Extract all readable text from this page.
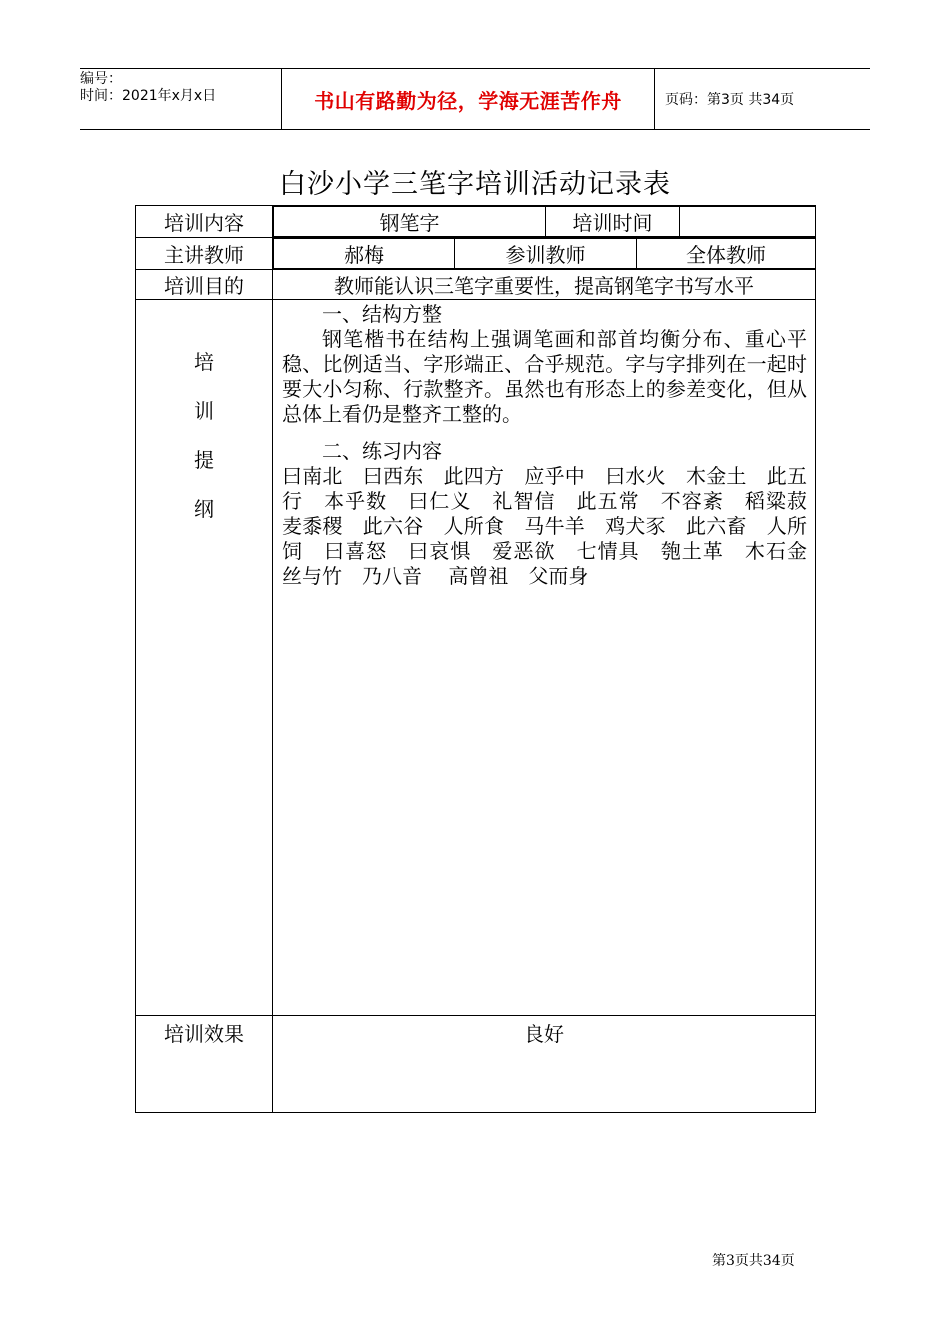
编号：
时间：2021年x月x日	书山有路勤为径，学海无涯苦作舟	页码：第3页 共34页
白沙小学三笔字培训活动记录表
培训内容		钢笔字	培训时间	

主讲教师		郝梅	参训教师	全体教师

培训目的	教师能认识三笔字重要性，提高钢笔字书写水平

培
训
提
纲

一、结构方整

钢笔楷书在结构上强调笔画和部首均衡分布、重心平稳、比例适当、字形端正、合乎规范。字与字排列在一起时要大小匀称、行款整齐。虽然也有形态上的参差变化，但从总体上看仍是整齐工整的。

二、练习内容

曰南北　曰西东　此四方　应乎中　曰水火　木金土　此五行　本乎数　曰仁义　礼智信　此五常　不容紊　稻粱菽　麦黍稷　此六谷　人所食　马牛羊　鸡犬豕　此六畜　人所饲　曰喜怒　曰哀惧　爱恶欲　七情具　匏土革　木石金　丝与竹　乃八音　 高曾祖　父而身

培训效果	良好
第3页共34页
